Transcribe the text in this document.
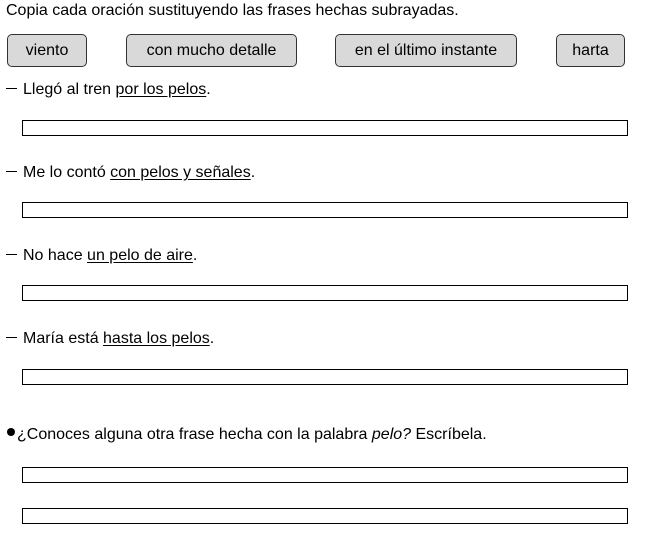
Copia cada oración sustituyendo las frases hechas subrayadas.
viento	con mucho detalle	en el último instante	harta
Llegó al tren por los pelos.
Me lo contó con pelos y señales.
No hace un pelo de aire.
María está hasta los pelos.
¿Conoces alguna otra frase hecha con la palabra pelo? Escríbela.
